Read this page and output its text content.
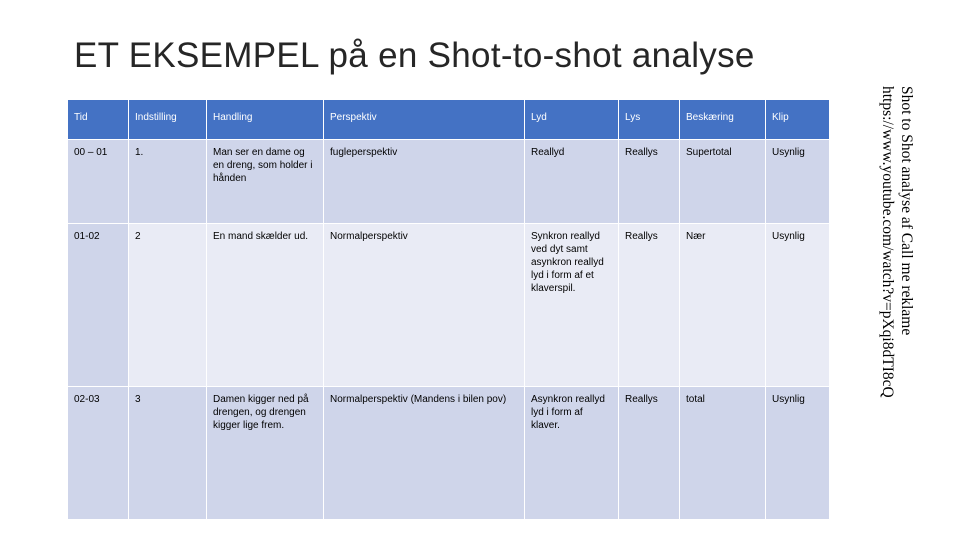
ET EKSEMPEL på en Shot-to-shot analyse
Tid	Indstilling	Handling	Perspektiv	Lyd	Lys	Beskæring	Klip
00 – 01	1.	Man ser en dame og en dreng, som holder i hånden	fugleperspektiv	Reallyd	Reallys	Supertotal	Usynlig
01-02	2	En mand skælder ud.	Normalperspektiv	Synkron reallyd ved dyt samt asynkron reallyd lyd i form af et klaverspil.	Reallys	Nær	Usynlig
02-03	3	Damen kigger ned på drengen, og drengen kigger lige frem.	Normalperspektiv (Mandens i bilen pov)	Asynkron reallyd lyd i form af klaver.	Reallys	total	Usynlig
Shot to Shot analyse af Call me reklame
https://www.youtube.com/watch?v=pXqi8dTI8cQ
